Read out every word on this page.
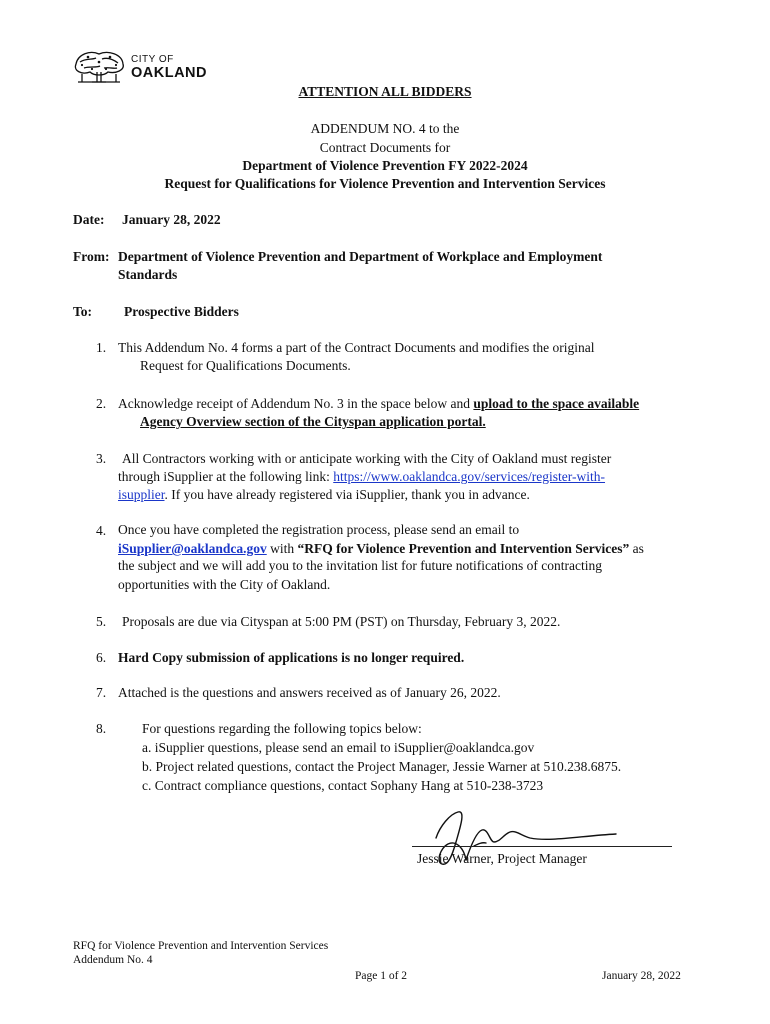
CITY OF
OAKLAND
ATTENTION ALL BIDDERS
ADDENDUM NO. 4 to the
Contract Documents for
Department of Violence Prevention FY 2022-2024
Request for Qualifications for Violence Prevention and Intervention Services
Date: January 28, 2022
From: Department of Violence Prevention and Department of Workplace and Employment
Standards
To: Prospective Bidders
1. This Addendum No. 4 forms a part of the Contract Documents and modifies the original
Request for Qualifications Documents.
2. Acknowledge receipt of Addendum No. 3 in the space below and upload to the space available
Agency Overview section of the Cityspan application portal.
3. All Contractors working with or anticipate working with the City of Oakland must register
through iSupplier at the following link: https://www.oaklandca.gov/services/register-with-
isupplier. If you have already registered via iSupplier, thank you in advance.
4. Once you have completed the registration process, please send an email to
iSupplier@oaklandca.gov with “RFQ for Violence Prevention and Intervention Services” as
the subject and we will add you to the invitation list for future notifications of contracting
opportunities with the City of Oakland.
5. Proposals are due via Cityspan at 5:00 PM (PST) on Thursday, February 3, 2022.
6. Hard Copy submission of applications is no longer required.
7. Attached is the questions and answers received as of January 26, 2022.
8.	For questions regarding the following topics below:
a. iSupplier questions, please send an email to iSupplier@oaklandca.gov
b. Project related questions, contact the Project Manager, Jessie Warner at 510.238.6875.
c. Contract compliance questions, contact Sophany Hang at 510-238-3723
Jessie Warner, Project Manager
RFQ for Violence Prevention and Intervention Services
Addendum No. 4
Page 1 of 2	January 28, 2022
